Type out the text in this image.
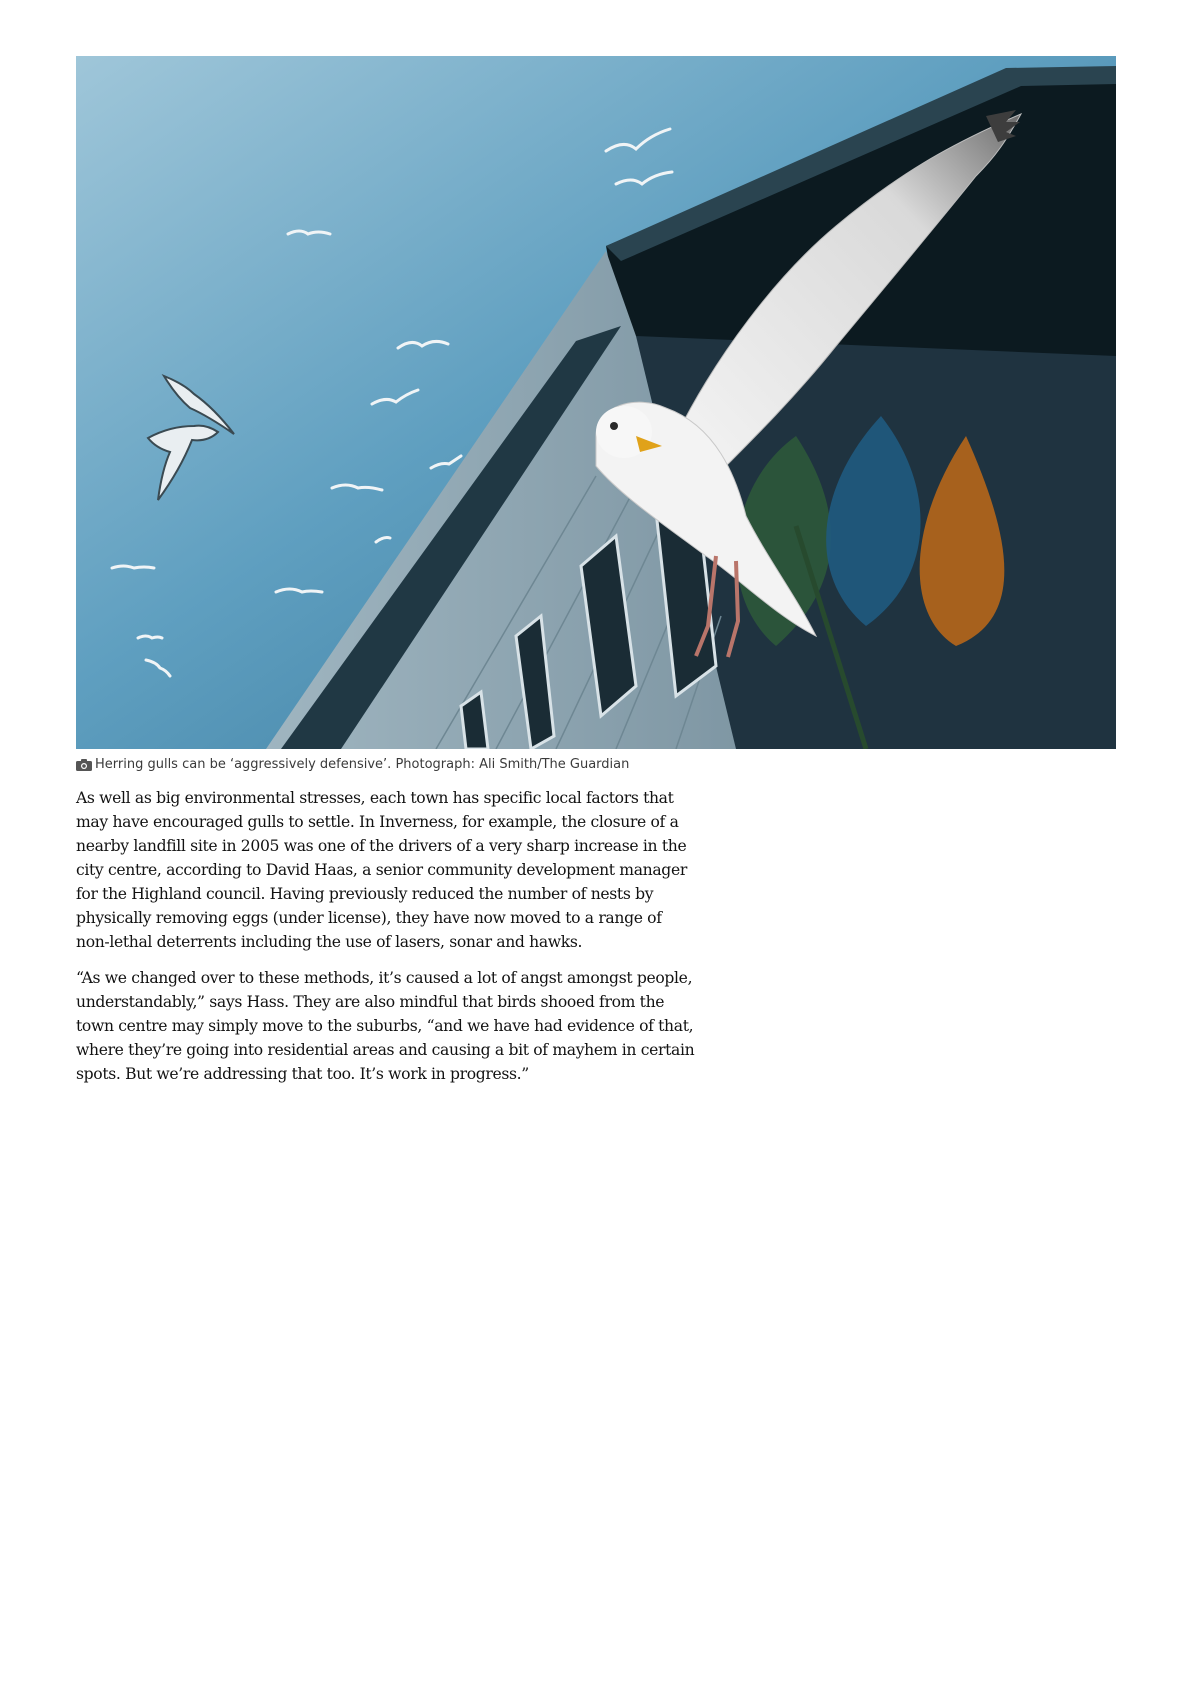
Herring gulls can be ‘aggressively defensive’. Photograph: Ali Smith/The Guardian

As well as big environmental stresses, each town has specific local factors that may have encouraged gulls to settle. In Inverness, for example, the closure of a nearby landfill site in 2005 was one of the drivers of a very sharp increase in the city centre, according to David Haas, a senior community development manager for the Highland council. Having previously reduced the number of nests by physically removing eggs (under license), they have now moved to a range of non-lethal deterrents including the use of lasers, sonar and hawks.

“As we changed over to these methods, it’s caused a lot of angst amongst people, understandably,” says Hass. They are also mindful that birds shooed from the town centre may simply move to the suburbs, “and we have had evidence of that, where they’re going into residential areas and causing a bit of mayhem in certain spots. But we’re addressing that too. It’s work in progress.”
